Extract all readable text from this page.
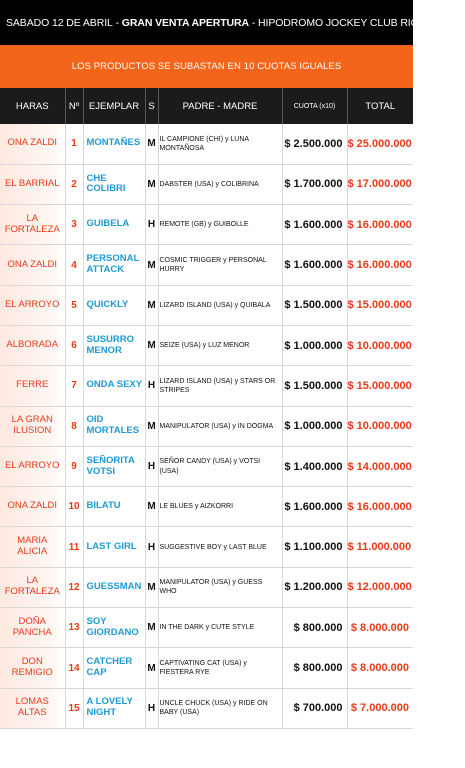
SABADO 12 DE ABRIL - GRAN VENTA APERTURA - HIPODROMO JOCKEY CLUB RIO CUARTO
LOS PRODUCTOS SE SUBASTAN EN 10 CUOTAS IGUALES
HARAS	Nº	EJEMPLAR	S	PADRE - MADRE	CUOTA (x10)	TOTAL
ONA ZALDI	1	MONTAÑES	M	IL CAMPIONE (CHI) y LUNA MONTAÑOSA	$ 2.500.000	$ 25.000.000
EL BARRIAL	2	CHE COLIBRI	M	DABSTER (USA) y COLIBRINA	$ 1.700.000	$ 17.000.000
LA FORTALEZA	3	GUIBELA	H	REMOTE (GB) y GUIBOLLE	$ 1.600.000	$ 16.000.000
ONA ZALDI	4	PERSONAL ATTACK	M	COSMIC TRIGGER y PERSONAL HURRY	$ 1.600.000	$ 16.000.000
EL ARROYO	5	QUICKLY	M	LIZARD ISLAND (USA) y QUIBALA	$ 1.500.000	$ 15.000.000
ALBORADA	6	SUSURRO MENOR	M	SEIZE (USA) y LUZ MENOR	$ 1.000.000	$ 10.000.000
FERRE	7	ONDA SEXY	H	LIZARD ISLAND (USA) y STARS OR STRIPES	$ 1.500.000	$ 15.000.000
LA GRAN ILUSION	8	OID MORTALES	M	MANIPULATOR (USA) y IN DOGMA	$ 1.000.000	$ 10.000.000
EL ARROYO	9	SEÑORITA VOTSI	H	SEÑOR CANDY (USA) y VOTSI (USA)	$ 1.400.000	$ 14.000.000
ONA ZALDI	10	BILATU	M	LE BLUES y AIZKORRI	$ 1.600.000	$ 16.000.000
MARIA ALICIA	11	LAST GIRL	H	SUGGESTIVE BOY y LAST BLUE	$ 1.100.000	$ 11.000.000
LA FORTALEZA	12	GUESSMAN	M	MANIPULATOR (USA) y GUESS WHO	$ 1.200.000	$ 12.000.000
DOÑA PANCHA	13	SOY GIORDANO	M	IN THE DARK y CUTE STYLE	$ 800.000	$ 8.000.000
DON REMIGIO	14	CATCHER CAP	M	CAPTIVATING CAT (USA) y FIESTERA RYE	$ 800.000	$ 8.000.000
LOMAS ALTAS	15	A LOVELY NIGHT	H	UNCLE CHUCK (USA) y RIDE ON BABY (USA)	$ 700.000	$ 7.000.000
